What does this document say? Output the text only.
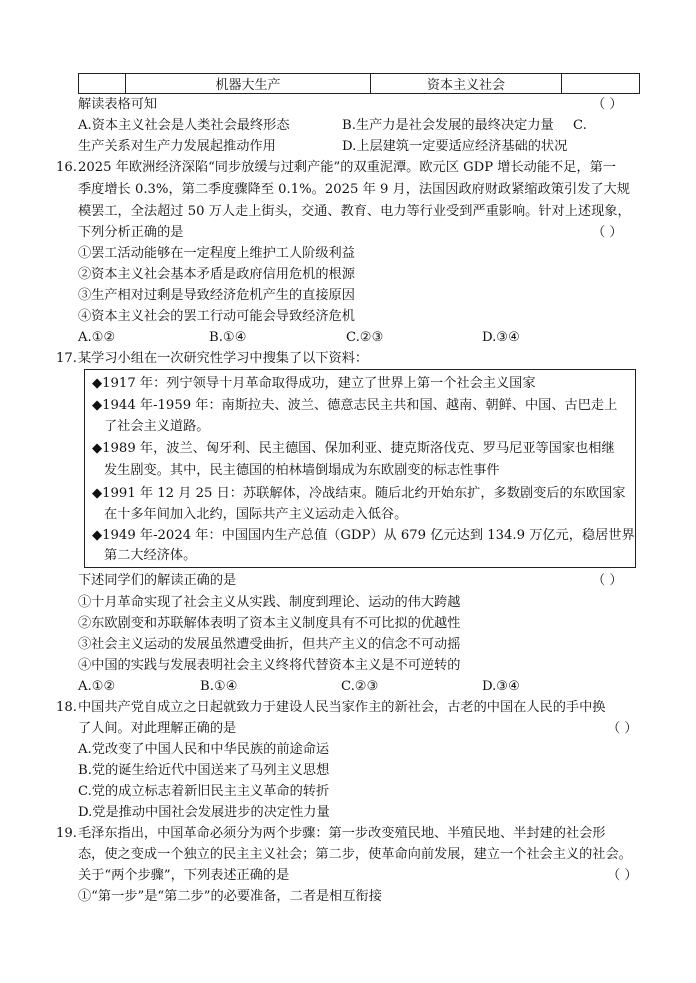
	机器大生产	资本主义社会	
解读表格可知	（ ）
A.资本主义社会是人类社会最终形态	B.生产力是社会发展的最终决定力量 C.
生产关系对生产力发展起推动作用	D.上层建筑一定要适应经济基础的状况
16. 2025 年欧洲经济深陷“同步放缓与过剩产能”的双重泥潭。欧元区 GDP 增长动能不足，第一
季度增长 0.3%，第二季度骤降至 0.1%。2025 年 9 月，法国因政府财政紧缩政策引发了大规
模罢工，全法超过 50 万人走上街头，交通、教育、电力等行业受到严重影响。针对上述现象，
下列分析正确的是	（ ）
①罢工活动能够在一定程度上维护工人阶级利益
②资本主义社会基本矛盾是政府信用危机的根源
③生产相对过剩是导致经济危机产生的直接原因
④资本主义社会的罢工行动可能会导致经济危机
A.①②	B.①④	C.②③	D.③④
17. 某学习小组在一次研究性学习中搜集了以下资料：
◆1917 年：列宁领导十月革命取得成功，建立了世界上第一个社会主义国家
◆1944 年-1959 年：南斯拉夫、波兰、德意志民主共和国、越南、朝鲜、中国、古巴走上
了社会主义道路。
◆1989 年，波兰、匈牙利、民主德国、保加利亚、捷克斯洛伐克、罗马尼亚等国家也相继
发生剧变。其中，民主德国的柏林墙倒塌成为东欧剧变的标志性事件
◆1991 年 12 月 25 日：苏联解体，冷战结束。随后北约开始东扩，多数剧变后的东欧国家
在十多年间加入北约，国际共产主义运动走入低谷。
◆1949 年-2024 年：中国国内生产总值（GDP）从 679 亿元达到 134.9 万亿元，稳居世界
第二大经济体。
下述同学们的解读正确的是	（ ）
①十月革命实现了社会主义从实践、制度到理论、运动的伟大跨越
②东欧剧变和苏联解体表明了资本主义制度具有不可比拟的优越性
③社会主义运动的发展虽然遭受曲折，但共产主义的信念不可动摇
④中国的实践与发展表明社会主义终将代替资本主义是不可逆转的
A.①②	B.①④	C.②③	D.③④
18. 中国共产党自成立之日起就致力于建设人民当家作主的新社会，古老的中国在人民的手中换
了人间。对此理解正确的是	（ ）
A.党改变了中国人民和中华民族的前途命运
B.党的诞生给近代中国送来了马列主义思想
C.党的成立标志着新旧民主主义革命的转折
D.党是推动中国社会发展进步的决定性力量
19. 毛泽东指出，中国革命必须分为两个步骤：第一步改变殖民地、半殖民地、半封建的社会形
态，使之变成一个独立的民主主义社会；第二步，使革命向前发展，建立一个社会主义的社会。
关于“两个步骤”，下列表述正确的是	（ ）
①“第一步”是“第二步”的必要准备，二者是相互衔接
